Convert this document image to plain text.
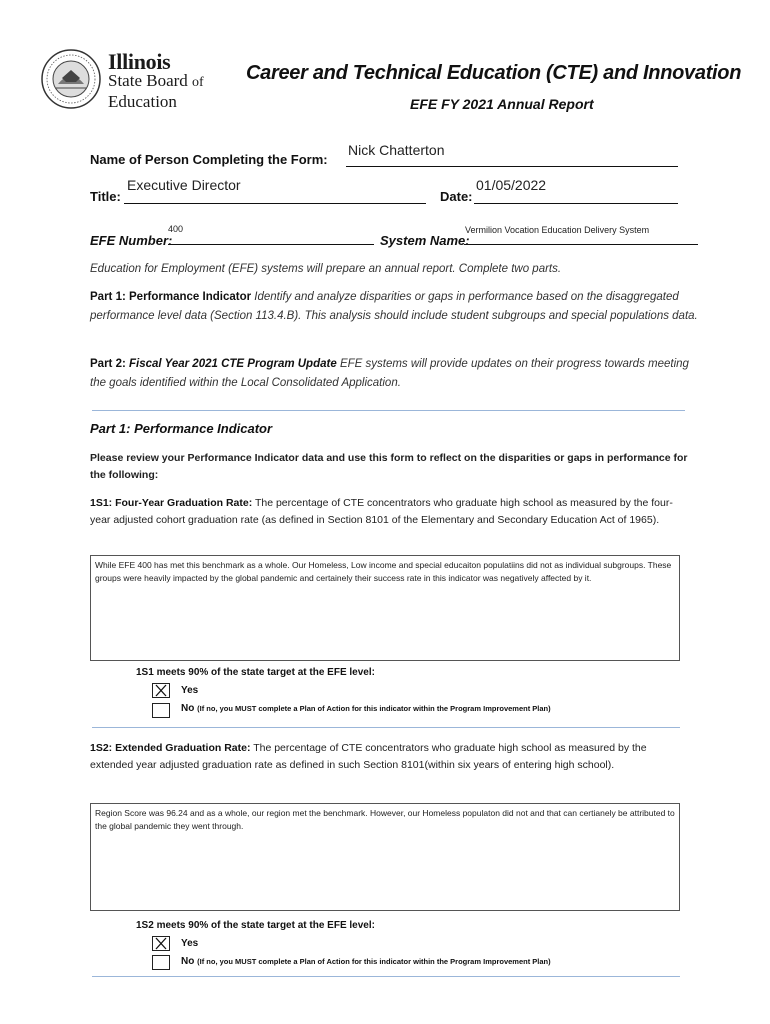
Illinois
State Board of
Education
Career and Technical Education (CTE) and Innovation
EFE FY 2021 Annual Report
Name of Person Completing the Form:
Nick Chatterton
Title:
Executive Director
Date:
01/05/2022
EFE Number:
400
System Name:
Vermilion Vocation Education Delivery System
Education for Employment (EFE) systems will prepare an annual report. Complete two parts.
Part 1: Performance Indicator Identify and analyze disparities or gaps in performance based on the disaggregated performance level data (Section 113.4.B). This analysis should include student subgroups and special populations data.
Part 2: Fiscal Year 2021 CTE Program Update EFE systems will provide updates on their progress towards meeting the goals identified within the Local Consolidated Application.
Part 1: Performance Indicator
Please review your Performance Indicator data and use this form to reflect on the disparities or gaps in performance for the following:
1S1: Four-Year Graduation Rate: The percentage of CTE concentrators who graduate high school as measured by the four-year adjusted cohort graduation rate (as defined in Section 8101 of the Elementary and Secondary Education Act of 1965).
While EFE 400 has met this benchmark as a whole. Our Homeless, Low income and special educaiton populatiins did not as individual subgroups. These groups were heavily impacted by the global pandemic and certainely their success rate in this indicator was negatively affected by it.
1S1 meets 90% of the state target at the EFE level:
Yes
No (If no, you MUST complete a Plan of Action for this indicator within the Program Improvement Plan)
1S2: Extended Graduation Rate: The percentage of CTE concentrators who graduate high school as measured by the extended year adjusted graduation rate as defined in such Section 8101(within six years of entering high school).
Region Score was 96.24 and as a whole, our region met the benchmark. However, our Homeless populaton did not and that can certianely be attributed to the global pandemic they went through.
1S2 meets 90% of the state target at the EFE level:
Yes
No (If no, you MUST complete a Plan of Action for this indicator within the Program Improvement Plan)
